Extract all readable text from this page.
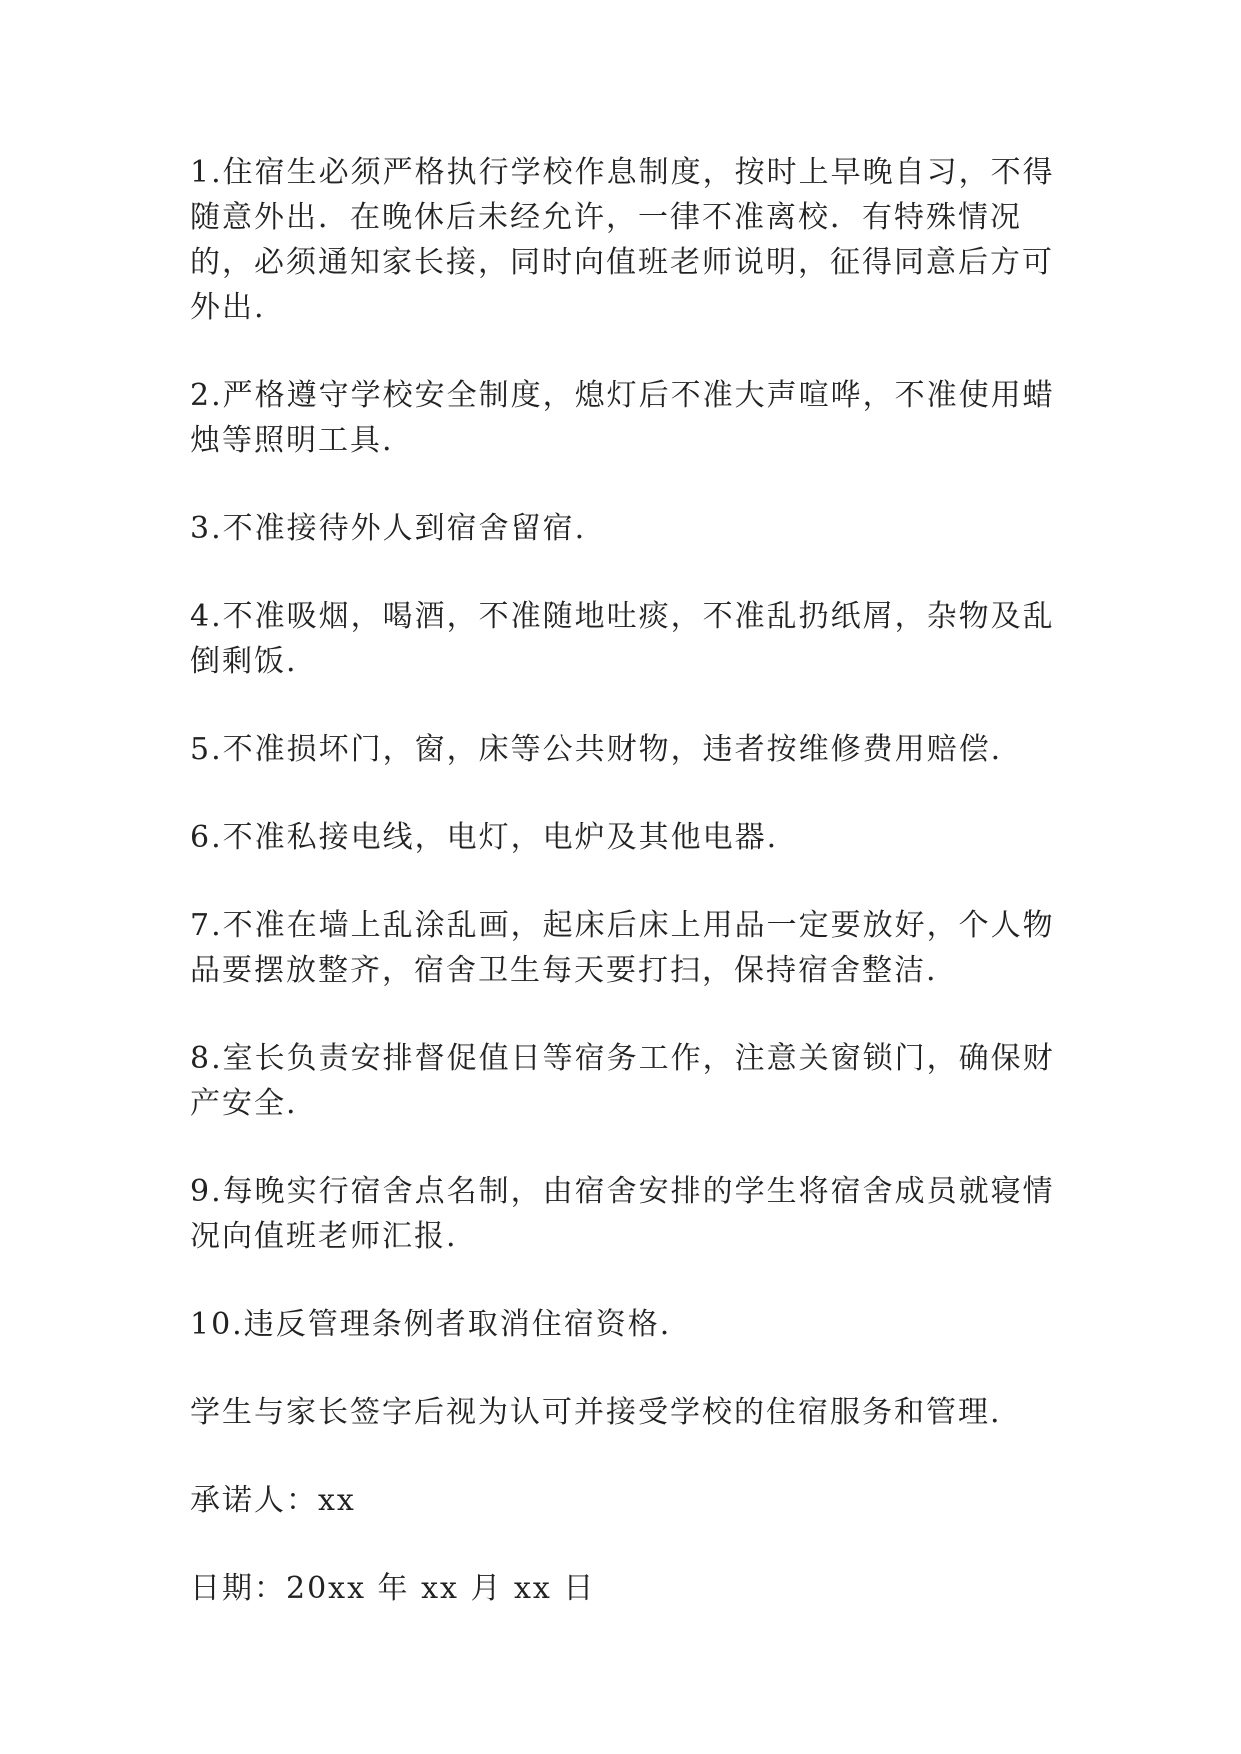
1.住宿生必须严格执行学校作息制度，按时上早晚自习，不得随意外出．在晚休后未经允许，一律不准离校．有特殊情况的，必须通知家长接，同时向值班老师说明，征得同意后方可外出.

2.严格遵守学校安全制度，熄灯后不准大声喧哗，不准使用蜡烛等照明工具.

3.不准接待外人到宿舍留宿.

4.不准吸烟，喝酒，不准随地吐痰，不准乱扔纸屑，杂物及乱倒剩饭.

5.不准损坏门，窗，床等公共财物，违者按维修费用赔偿.

6.不准私接电线，电灯，电炉及其他电器.

7.不准在墙上乱涂乱画，起床后床上用品一定要放好，个人物品要摆放整齐，宿舍卫生每天要打扫，保持宿舍整洁.

8.室长负责安排督促值日等宿务工作，注意关窗锁门，确保财产安全.

9.每晚实行宿舍点名制，由宿舍安排的学生将宿舍成员就寝情况向值班老师汇报.

10.违反管理条例者取消住宿资格.

学生与家长签字后视为认可并接受学校的住宿服务和管理.

承诺人：xx

日期：20xx 年 xx 月 xx 日
